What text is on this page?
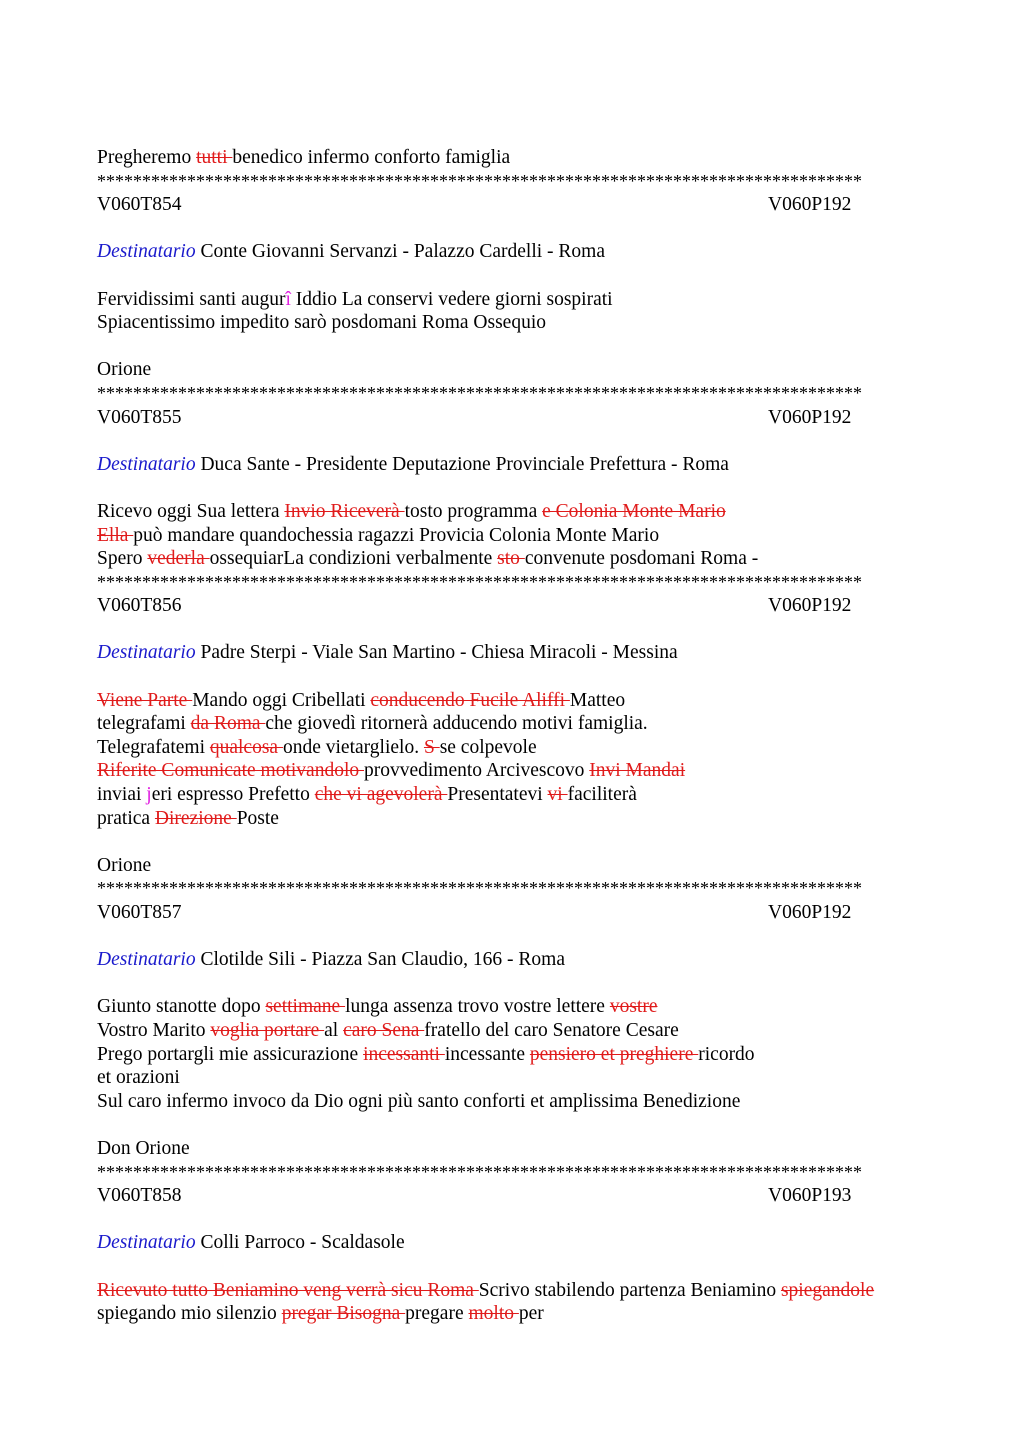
Pregheremo tutti benedico infermo conforto famiglia
*************************************************************************************
V060T854	V060P192
Destinatario Conte Giovanni Servanzi - Palazzo Cardelli - Roma
Fervidissimi santi augurî Iddio La conservi vedere giorni sospirati
Spiacentissimo impedito sarò posdomani Roma Ossequio
Orione
*************************************************************************************
V060T855	V060P192
Destinatario Duca Sante - Presidente Deputazione Provinciale Prefettura - Roma
Ricevo oggi Sua lettera Invio Riceverà tosto programma e Colonia Monte Mario
Ella può mandare quandochessia ragazzi Provicia Colonia Monte Mario
Spero vederla ossequiarLa condizioni verbalmente sto convenute posdomani Roma -
*************************************************************************************
V060T856	V060P192
Destinatario Padre Sterpi - Viale San Martino - Chiesa Miracoli - Messina
Viene Parte Mando oggi Cribellati conducendo Fucile Aliffi Matteo
telegrafami da Roma che giovedì ritornerà adducendo motivi famiglia.
Telegrafatemi qualcosa onde vietarglielo. S se colpevole
Riferite Comunicate motivandolo provvedimento Arcivescovo Invi Mandai
inviai jeri espresso Prefetto che vi agevolerà Presentatevi vi faciliterà
pratica Direzione Poste
Orione
*************************************************************************************
V060T857	V060P192
Destinatario Clotilde Sili - Piazza San Claudio, 166 - Roma
Giunto stanotte dopo settimane lunga assenza trovo vostre lettere vostre
Vostro Marito voglia portare al caro Sena fratello del caro Senatore Cesare
Prego portargli mie assicurazione incessanti incessante pensiero et preghiere ricordo
et orazioni
Sul caro infermo invoco da Dio ogni più santo conforti et amplissima Benedizione
Don Orione
*************************************************************************************
V060T858	V060P193
Destinatario Colli Parroco - Scaldasole
Ricevuto tutto Beniamino veng verrà sicu Roma Scrivo stabilendo partenza Beniamino spiegandole
spiegando mio silenzio pregar Bisogna pregare molto per
